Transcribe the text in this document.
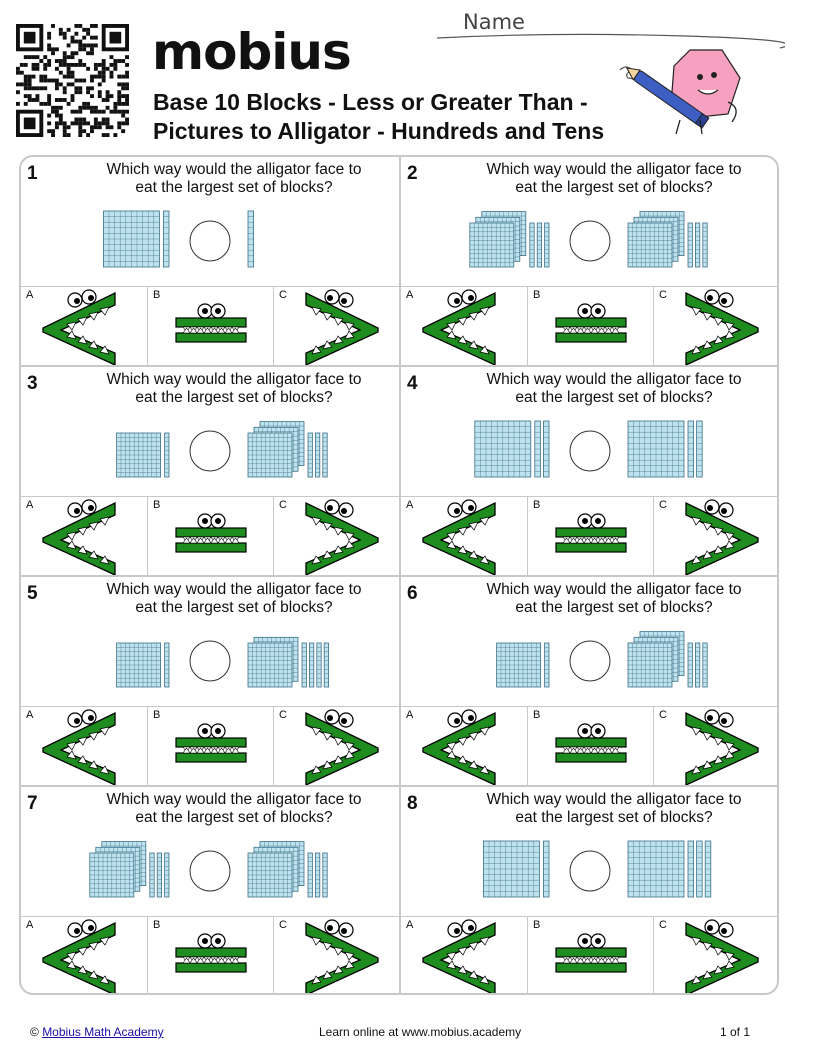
mobius
Base 10 Blocks - Less or Greater Than -
Pictures to Alligator - Hundreds and Tens
Name
1	Which way would the alligator face to
eat the largest set of blocks?
A	B	C
2	Which way would the alligator face to
eat the largest set of blocks?
A	B	C
3	Which way would the alligator face to
eat the largest set of blocks?
A	B	C
4	Which way would the alligator face to
eat the largest set of blocks?
A	B	C
5	Which way would the alligator face to
eat the largest set of blocks?
A	B	C
6	Which way would the alligator face to
eat the largest set of blocks?
A	B	C
7	Which way would the alligator face to
eat the largest set of blocks?
A	B	C
8	Which way would the alligator face to
eat the largest set of blocks?
A	B	C
© Mobius Math Academy	Learn online at www.mobius.academy	1 of 1
